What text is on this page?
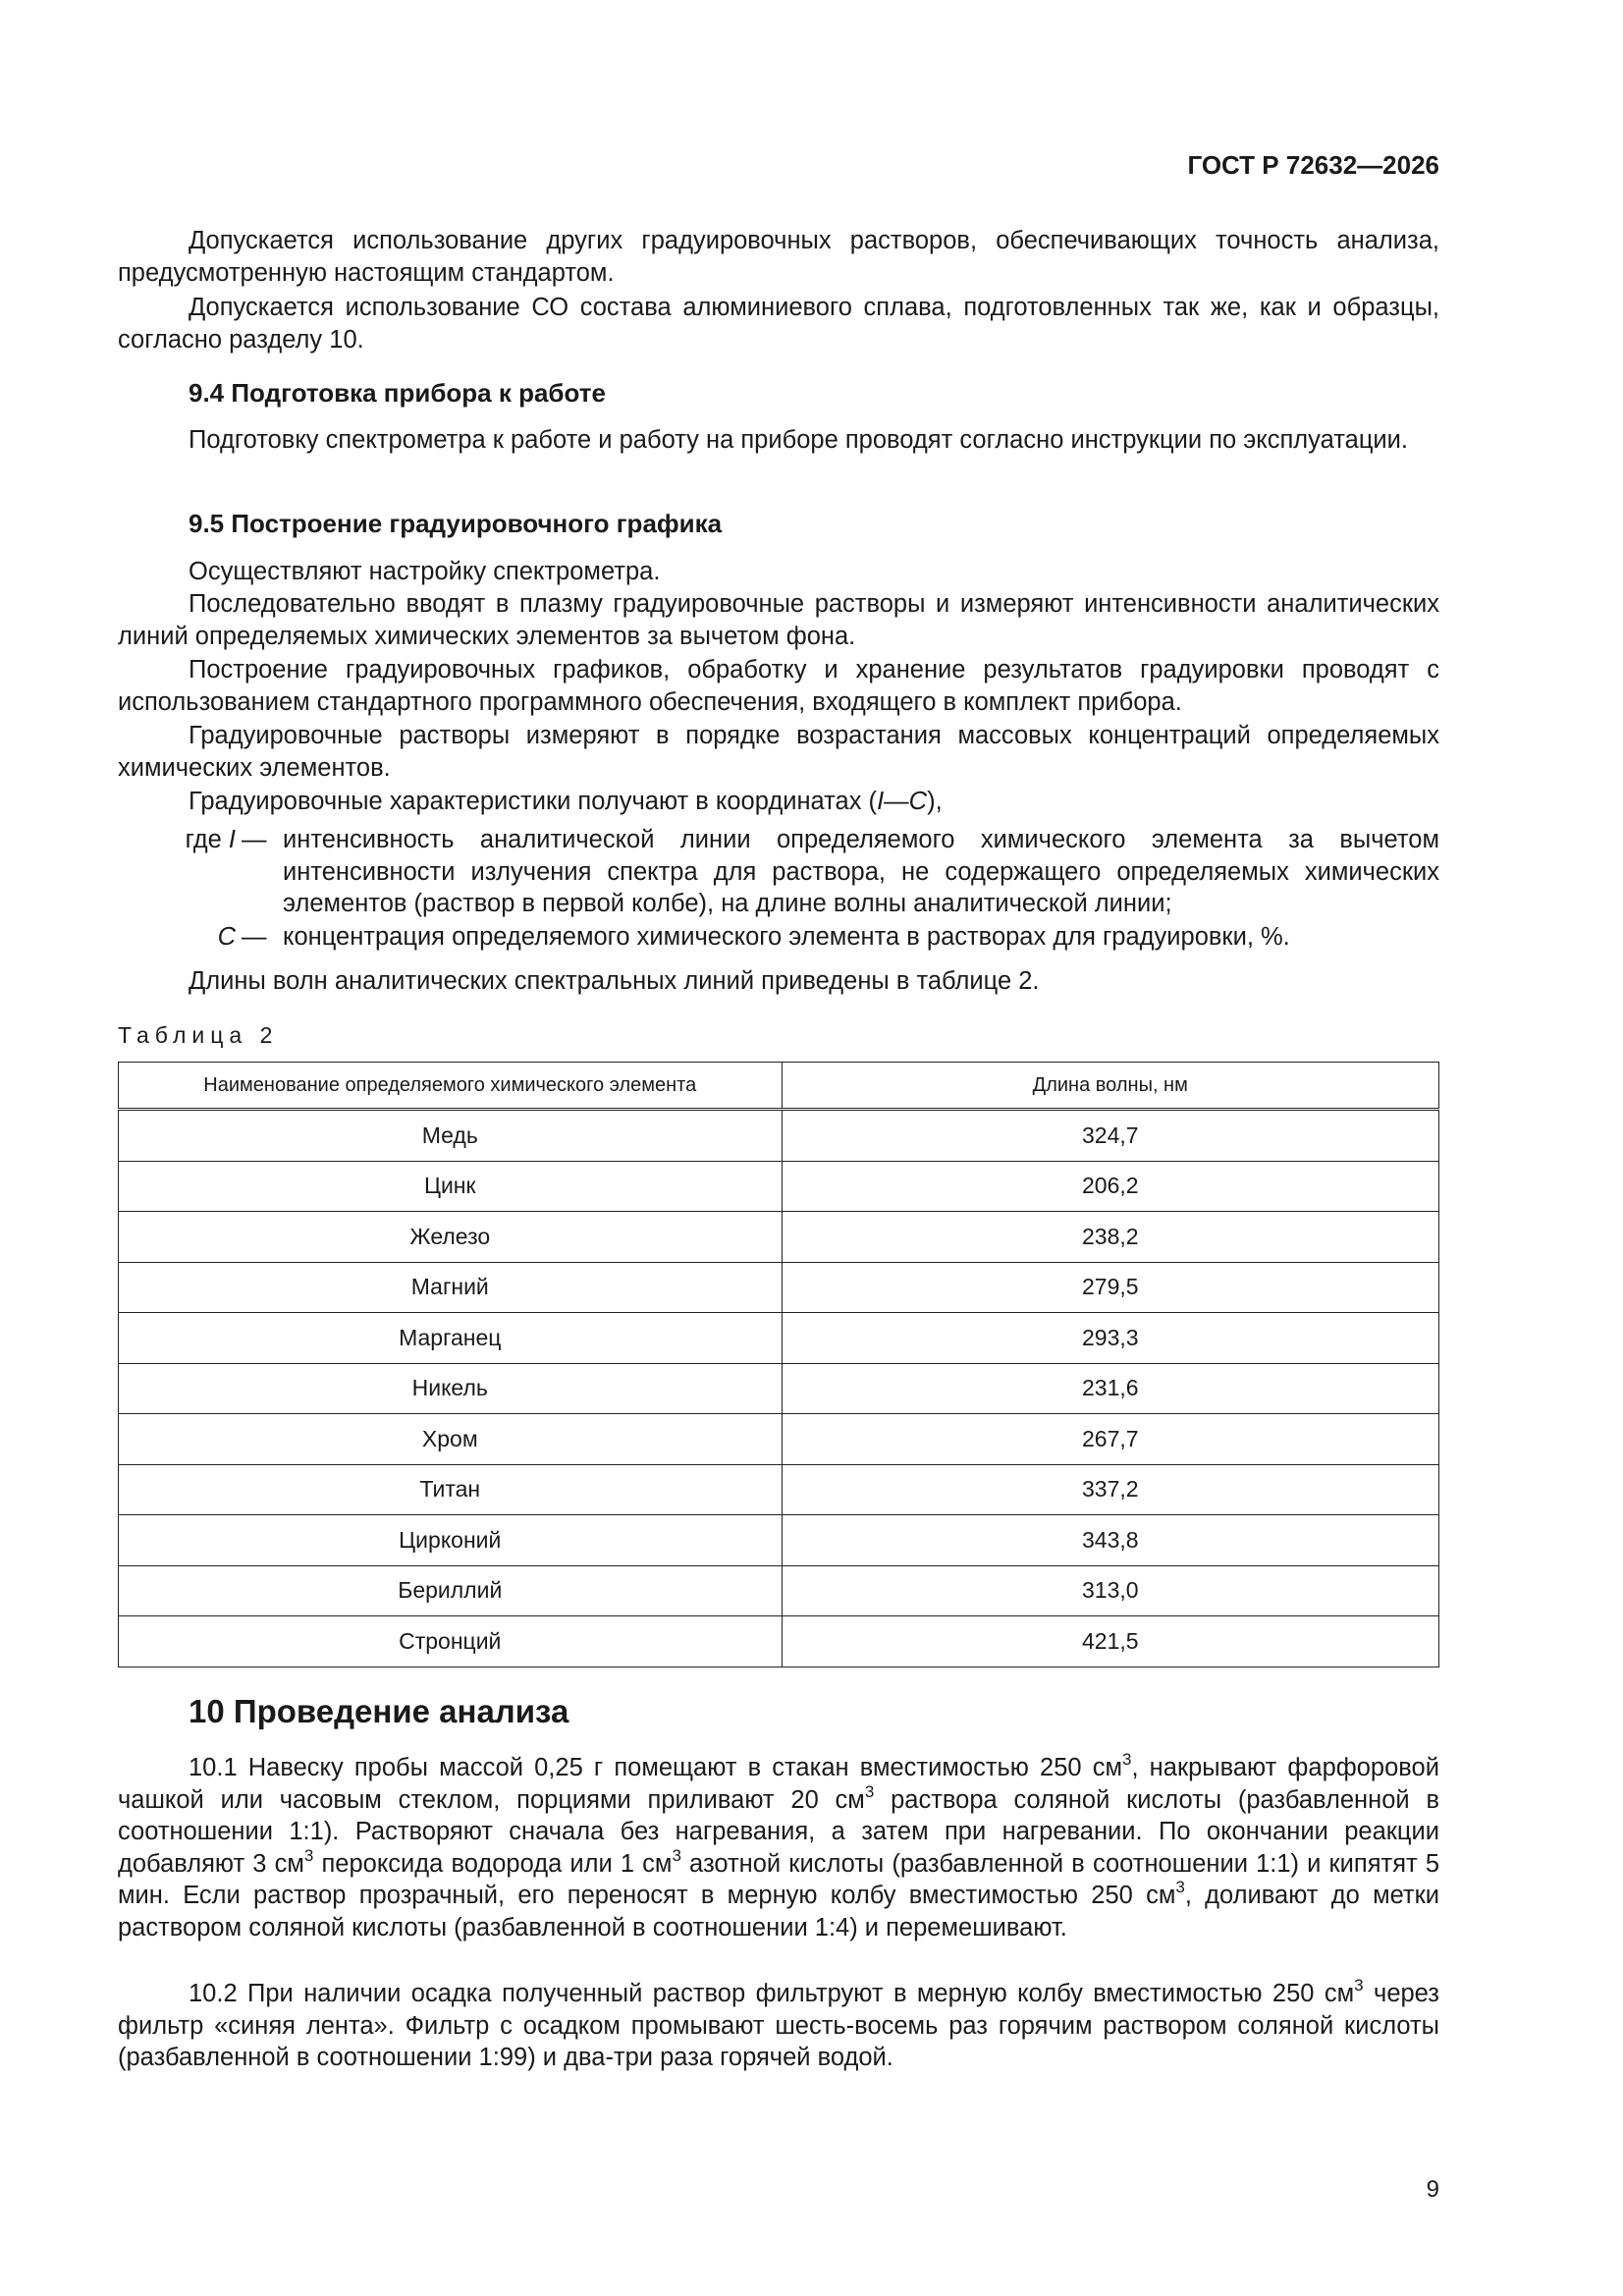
ГОСТ Р 72632—2026

Допускается использование других градуировочных растворов, обеспечивающих точность анализа, предусмотренную настоящим стандартом.

Допускается использование СО состава алюминиевого сплава, подготовленных так же, как и образцы, согласно разделу 10.

9.4 Подготовка прибора к работе

Подготовку спектрометра к работе и работу на приборе проводят согласно инструкции по эксплуатации.

9.5 Построение градуировочного графика

Осуществляют настройку спектрометра.

Последовательно вводят в плазму градуировочные растворы и измеряют интенсивности аналитических линий определяемых химических элементов за вычетом фона.

Построение градуировочных графиков, обработку и хранение результатов градуировки проводят с использованием стандартного программного обеспечения, входящего в комплект прибора.

Градуировочные растворы измеряют в порядке возрастания массовых концентраций определяемых химических элементов.

Градуировочные характеристики получают в координатах (I—C),

где I — интенсивность аналитической линии определяемого химического элемента за вычетом интенсивности излучения спектра для раствора, не содержащего определяемых химических элементов (раствор в первой колбе), на длине волны аналитической линии;
C — концентрация определяемого химического элемента в растворах для градуировки, %.

Длины волн аналитических спектральных линий приведены в таблице 2.

Таблица 2
Наименование определяемого химического элемента	Длина волны, нм
Медь	324,7
Цинк	206,2
Железо	238,2
Магний	279,5
Марганец	293,3
Никель	231,6
Хром	267,7
Титан	337,2
Цирконий	343,8
Бериллий	313,0
Стронций	421,5
10 Проведение анализа

10.1 Навеску пробы массой 0,25 г помещают в стакан вместимостью 250 $см^3$, накрывают фарфоровой чашкой или часовым стеклом, порциями приливают 20 $см^3$ раствора соляной кислоты (разбавленной в соотношении 1:1). Растворяют сначала без нагревания, а затем при нагревании. По окончании реакции добавляют 3 $см^3$ пероксида водорода или 1 $см^3$ азотной кислоты (разбавленной в соотношении 1:1) и кипятят 5 мин. Если раствор прозрачный, его переносят в мерную колбу вместимостью 250 $см^3$, доливают до метки раствором соляной кислоты (разбавленной в соотношении 1:4) и перемешивают.

10.2 При наличии осадка полученный раствор фильтруют в мерную колбу вместимостью 250 $см^3$ через фильтр «синяя лента». Фильтр с осадком промывают шесть-восемь раз горячим раствором соляной кислоты (разбавленной в соотношении 1:99) и два-три раза горячей водой.

9
